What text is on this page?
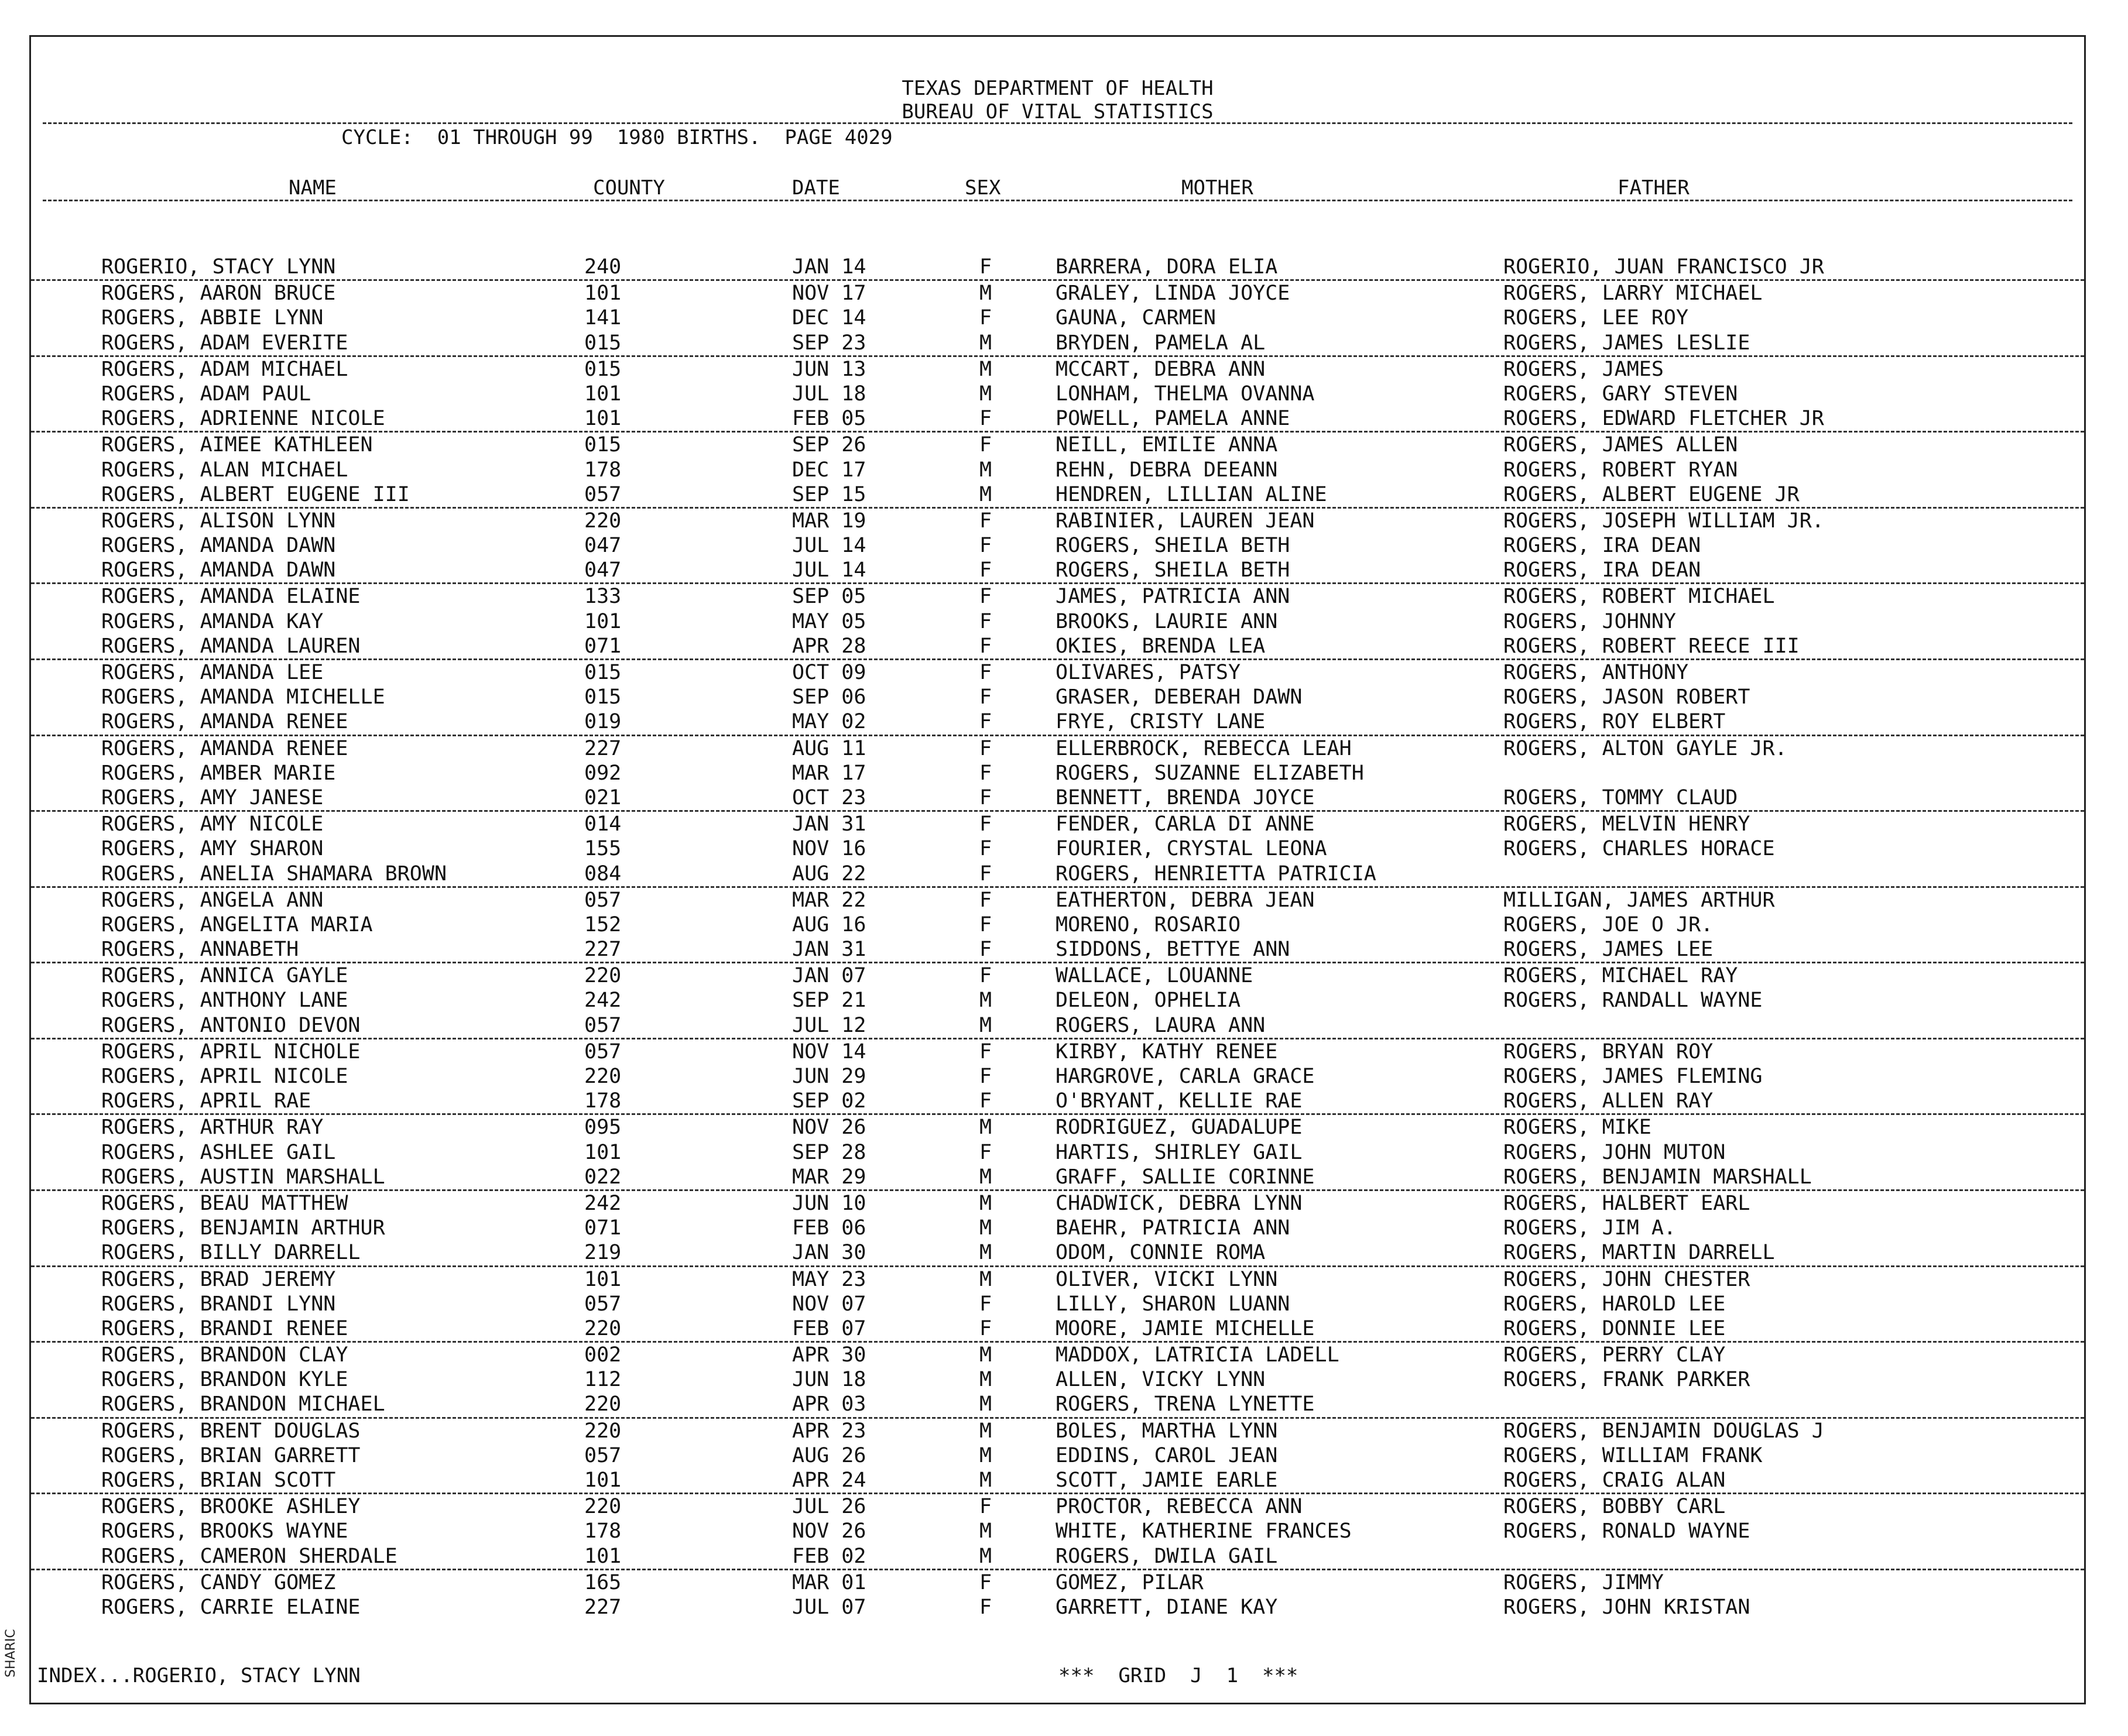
SHARIC
TEXAS DEPARTMENT OF HEALTH
BUREAU OF VITAL STATISTICS
CYCLE:  01 THROUGH 99  1980 BIRTHS.  PAGE 4029
NAME	COUNTY	DATE	SEX	MOTHER	FATHER
ROGERIO, STACY LYNN	240	JAN 14	F	BARRERA, DORA ELIA	ROGERIO, JUAN FRANCISCO JR
ROGERS, AARON BRUCE	101	NOV 17	M	GRALEY, LINDA JOYCE	ROGERS, LARRY MICHAEL
ROGERS, ABBIE LYNN	141	DEC 14	F	GAUNA, CARMEN	ROGERS, LEE ROY
ROGERS, ADAM EVERITE	015	SEP 23	M	BRYDEN, PAMELA AL	ROGERS, JAMES LESLIE
ROGERS, ADAM MICHAEL	015	JUN 13	M	MCCART, DEBRA ANN	ROGERS, JAMES
ROGERS, ADAM PAUL	101	JUL 18	M	LONHAM, THELMA OVANNA	ROGERS, GARY STEVEN
ROGERS, ADRIENNE NICOLE	101	FEB 05	F	POWELL, PAMELA ANNE	ROGERS, EDWARD FLETCHER JR
ROGERS, AIMEE KATHLEEN	015	SEP 26	F	NEILL, EMILIE ANNA	ROGERS, JAMES ALLEN
ROGERS, ALAN MICHAEL	178	DEC 17	M	REHN, DEBRA DEEANN	ROGERS, ROBERT RYAN
ROGERS, ALBERT EUGENE III	057	SEP 15	M	HENDREN, LILLIAN ALINE	ROGERS, ALBERT EUGENE JR
ROGERS, ALISON LYNN	220	MAR 19	F	RABINIER, LAUREN JEAN	ROGERS, JOSEPH WILLIAM JR.
ROGERS, AMANDA DAWN	047	JUL 14	F	ROGERS, SHEILA BETH	ROGERS, IRA DEAN
ROGERS, AMANDA DAWN	047	JUL 14	F	ROGERS, SHEILA BETH	ROGERS, IRA DEAN
ROGERS, AMANDA ELAINE	133	SEP 05	F	JAMES, PATRICIA ANN	ROGERS, ROBERT MICHAEL
ROGERS, AMANDA KAY	101	MAY 05	F	BROOKS, LAURIE ANN	ROGERS, JOHNNY
ROGERS, AMANDA LAUREN	071	APR 28	F	OKIES, BRENDA LEA	ROGERS, ROBERT REECE III
ROGERS, AMANDA LEE	015	OCT 09	F	OLIVARES, PATSY	ROGERS, ANTHONY
ROGERS, AMANDA MICHELLE	015	SEP 06	F	GRASER, DEBERAH DAWN	ROGERS, JASON ROBERT
ROGERS, AMANDA RENEE	019	MAY 02	F	FRYE, CRISTY LANE	ROGERS, ROY ELBERT
ROGERS, AMANDA RENEE	227	AUG 11	F	ELLERBROCK, REBECCA LEAH	ROGERS, ALTON GAYLE JR.
ROGERS, AMBER MARIE	092	MAR 17	F	ROGERS, SUZANNE ELIZABETH
ROGERS, AMY JANESE	021	OCT 23	F	BENNETT, BRENDA JOYCE	ROGERS, TOMMY CLAUD
ROGERS, AMY NICOLE	014	JAN 31	F	FENDER, CARLA DI ANNE	ROGERS, MELVIN HENRY
ROGERS, AMY SHARON	155	NOV 16	F	FOURIER, CRYSTAL LEONA	ROGERS, CHARLES HORACE
ROGERS, ANELIA SHAMARA BROWN	084	AUG 22	F	ROGERS, HENRIETTA PATRICIA
ROGERS, ANGELA ANN	057	MAR 22	F	EATHERTON, DEBRA JEAN	MILLIGAN, JAMES ARTHUR
ROGERS, ANGELITA MARIA	152	AUG 16	F	MORENO, ROSARIO	ROGERS, JOE O JR.
ROGERS, ANNABETH	227	JAN 31	F	SIDDONS, BETTYE ANN	ROGERS, JAMES LEE
ROGERS, ANNICA GAYLE	220	JAN 07	F	WALLACE, LOUANNE	ROGERS, MICHAEL RAY
ROGERS, ANTHONY LANE	242	SEP 21	M	DELEON, OPHELIA	ROGERS, RANDALL WAYNE
ROGERS, ANTONIO DEVON	057	JUL 12	M	ROGERS, LAURA ANN
ROGERS, APRIL NICHOLE	057	NOV 14	F	KIRBY, KATHY RENEE	ROGERS, BRYAN ROY
ROGERS, APRIL NICOLE	220	JUN 29	F	HARGROVE, CARLA GRACE	ROGERS, JAMES FLEMING
ROGERS, APRIL RAE	178	SEP 02	F	O'BRYANT, KELLIE RAE	ROGERS, ALLEN RAY
ROGERS, ARTHUR RAY	095	NOV 26	M	RODRIGUEZ, GUADALUPE	ROGERS, MIKE
ROGERS, ASHLEE GAIL	101	SEP 28	F	HARTIS, SHIRLEY GAIL	ROGERS, JOHN MUTON
ROGERS, AUSTIN MARSHALL	022	MAR 29	M	GRAFF, SALLIE CORINNE	ROGERS, BENJAMIN MARSHALL
ROGERS, BEAU MATTHEW	242	JUN 10	M	CHADWICK, DEBRA LYNN	ROGERS, HALBERT EARL
ROGERS, BENJAMIN ARTHUR	071	FEB 06	M	BAEHR, PATRICIA ANN	ROGERS, JIM A.
ROGERS, BILLY DARRELL	219	JAN 30	M	ODOM, CONNIE ROMA	ROGERS, MARTIN DARRELL
ROGERS, BRAD JEREMY	101	MAY 23	M	OLIVER, VICKI LYNN	ROGERS, JOHN CHESTER
ROGERS, BRANDI LYNN	057	NOV 07	F	LILLY, SHARON LUANN	ROGERS, HAROLD LEE
ROGERS, BRANDI RENEE	220	FEB 07	F	MOORE, JAMIE MICHELLE	ROGERS, DONNIE LEE
ROGERS, BRANDON CLAY	002	APR 30	M	MADDOX, LATRICIA LADELL	ROGERS, PERRY CLAY
ROGERS, BRANDON KYLE	112	JUN 18	M	ALLEN, VICKY LYNN	ROGERS, FRANK PARKER
ROGERS, BRANDON MICHAEL	220	APR 03	M	ROGERS, TRENA LYNETTE
ROGERS, BRENT DOUGLAS	220	APR 23	M	BOLES, MARTHA LYNN	ROGERS, BENJAMIN DOUGLAS J
ROGERS, BRIAN GARRETT	057	AUG 26	M	EDDINS, CAROL JEAN	ROGERS, WILLIAM FRANK
ROGERS, BRIAN SCOTT	101	APR 24	M	SCOTT, JAMIE EARLE	ROGERS, CRAIG ALAN
ROGERS, BROOKE ASHLEY	220	JUL 26	F	PROCTOR, REBECCA ANN	ROGERS, BOBBY CARL
ROGERS, BROOKS WAYNE	178	NOV 26	M	WHITE, KATHERINE FRANCES	ROGERS, RONALD WAYNE
ROGERS, CAMERON SHERDALE	101	FEB 02	M	ROGERS, DWILA GAIL
ROGERS, CANDY GOMEZ	165	MAR 01	F	GOMEZ, PILAR	ROGERS, JIMMY
ROGERS, CARRIE ELAINE	227	JUL 07	F	GARRETT, DIANE KAY	ROGERS, JOHN KRISTAN
INDEX...ROGERIO, STACY LYNN	***  GRID  J  1  ***
